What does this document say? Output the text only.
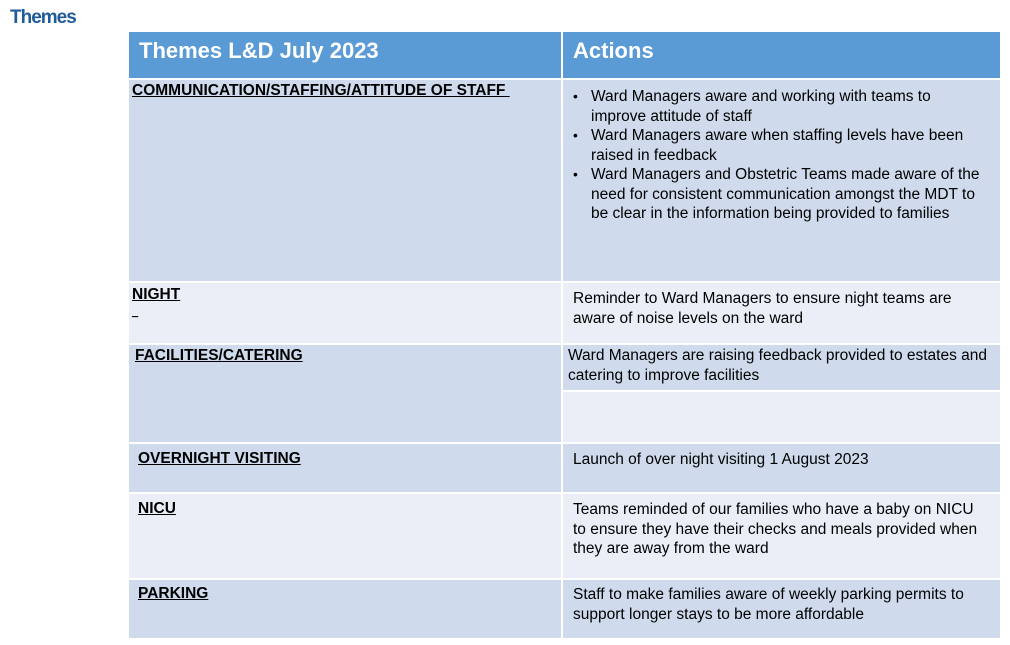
Themes
Themes L&D July 2023	Actions
COMMUNICATION/STAFFING/ATTITUDE OF STAFF
•	Ward Managers aware and working with teams to improve attitude of staff
• Ward Managers aware when staffing levels have been raised in feedback
• Ward Managers and Obstetric Teams made aware of the need for consistent communication amongst the MDT to be clear in the information being provided to families
NIGHT
_
Reminder to Ward Managers to ensure night teams are aware of noise levels on the ward
FACILITIES/CATERING	Ward Managers are raising feedback provided to estates and catering to improve facilities
OVERNIGHT VISITING	Launch of over night visiting 1 August 2023
NICU	Teams reminded of our families who have a baby on NICU to ensure they have their checks and meals provided when they are away from the ward
PARKING	Staff to make families aware of weekly parking permits to support longer stays to be more affordable
